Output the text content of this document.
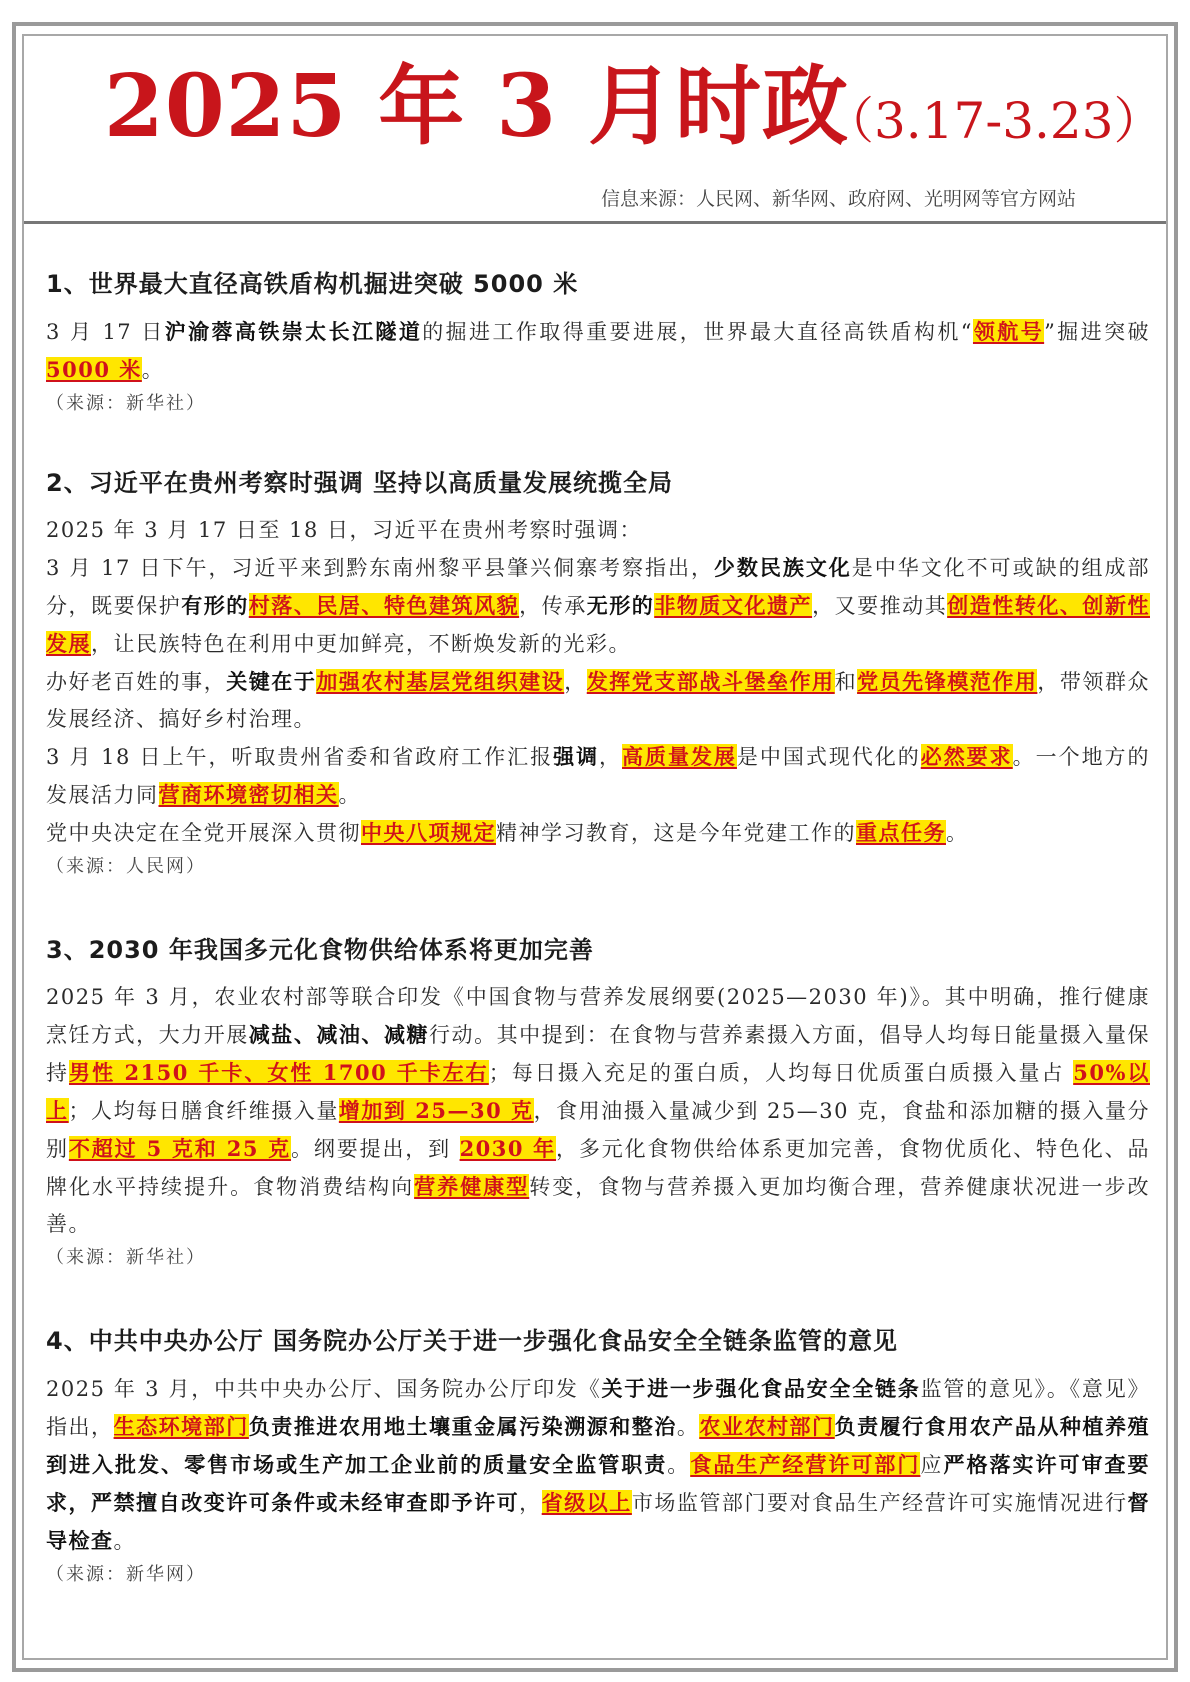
2025 年 3 月时政
（3.17-3.23）
信息来源：人民网、新华网、政府网、光明网等官方网站
1、世界最大直径高铁盾构机掘进突破 5000 米

3 月 17 日沪渝蓉高铁崇太长江隧道的掘进工作取得重要进展，世界最大直径高铁盾构机“领航号”掘进突破 5000 米。

（来源：新华社）

2、习近平在贵州考察时强调 坚持以高质量发展统揽全局

2025 年 3 月 17 日至 18 日，习近平在贵州考察时强调：

3 月 17 日下午，习近平来到黔东南州黎平县肇兴侗寨考察指出，少数民族文化是中华文化不可或缺的组成部分，既要保护有形的村落、民居、特色建筑风貌，传承无形的非物质文化遗产，又要推动其创造性转化、创新性发展，让民族特色在利用中更加鲜亮，不断焕发新的光彩。

办好老百姓的事，关键在于加强农村基层党组织建设，发挥党支部战斗堡垒作用和党员先锋模范作用，带领群众发展经济、搞好乡村治理。

3 月 18 日上午，听取贵州省委和省政府工作汇报强调，高质量发展是中国式现代化的必然要求。一个地方的发展活力同营商环境密切相关。

党中央决定在全党开展深入贯彻中央八项规定精神学习教育，这是今年党建工作的重点任务。

（来源：人民网）

3、2030 年我国多元化食物供给体系将更加完善

2025 年 3 月，农业农村部等联合印发《中国食物与营养发展纲要(2025—2030 年)》。其中明确，推行健康烹饪方式，大力开展减盐、减油、减糖行动。其中提到：在食物与营养素摄入方面，倡导人均每日能量摄入量保持男性 2150 千卡、女性 1700 千卡左右；每日摄入充足的蛋白质，人均每日优质蛋白质摄入量占 50%以上；人均每日膳食纤维摄入量增加到 25—30 克，食用油摄入量减少到 25—30 克，食盐和添加糖的摄入量分别不超过 5 克和 25 克。纲要提出，到 2030 年，多元化食物供给体系更加完善，食物优质化、特色化、品牌化水平持续提升。食物消费结构向营养健康型转变，食物与营养摄入更加均衡合理，营养健康状况进一步改善。

（来源：新华社）

4、中共中央办公厅 国务院办公厅关于进一步强化食品安全全链条监管的意见

2025 年 3 月，中共中央办公厅、国务院办公厅印发《关于进一步强化食品安全全链条监管的意见》。《意见》指出，生态环境部门负责推进农用地土壤重金属污染溯源和整治。农业农村部门负责履行食用农产品从种植养殖到进入批发、零售市场或生产加工企业前的质量安全监管职责。食品生产经营许可部门应严格落实许可审查要求，严禁擅自改变许可条件或未经审查即予许可，省级以上市场监管部门要对食品生产经营许可实施情况进行督导检查。

（来源：新华网）
